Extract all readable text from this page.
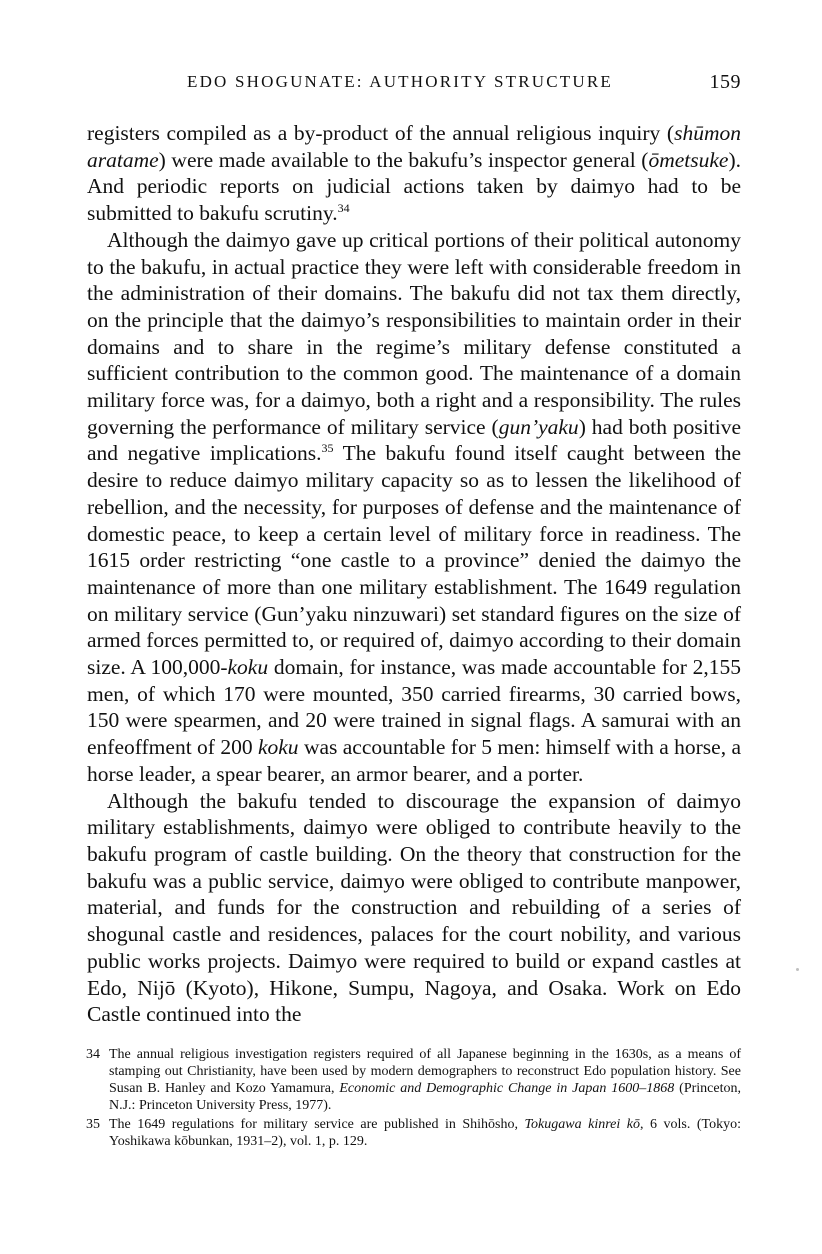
EDO SHOGUNATE: AUTHORITY STRUCTURE	159

registers compiled as a by-product of the annual religious inquiry (shūmon aratame) were made available to the bakufu’s inspector general (ōmetsuke). And periodic reports on judicial actions taken by daimyo had to be submitted to bakufu scrutiny.$^{34}$

Although the daimyo gave up critical portions of their political autonomy to the bakufu, in actual practice they were left with considerable freedom in the administration of their domains. The bakufu did not tax them directly, on the principle that the daimyo’s responsibilities to maintain order in their domains and to share in the regime’s military defense constituted a sufficient contribution to the common good. The maintenance of a domain military force was, for a daimyo, both a right and a responsibility. The rules governing the performance of military service (gun’yaku) had both positive and negative implications.$^{35}$ The bakufu found itself caught between the desire to reduce daimyo military capacity so as to lessen the likelihood of rebellion, and the necessity, for purposes of defense and the maintenance of domestic peace, to keep a certain level of military force in readiness. The 1615 order restricting “one castle to a province” denied the daimyo the maintenance of more than one military establishment. The 1649 regulation on military service (Gun’yaku ninzuwari) set standard figures on the size of armed forces permitted to, or required of, daimyo according to their domain size. A 100,000-koku domain, for instance, was made accountable for 2,155 men, of which 170 were mounted, 350 carried firearms, 30 carried bows, 150 were spearmen, and 20 were trained in signal flags. A samurai with an enfeoffment of 200 koku was accountable for 5 men: himself with a horse, a horse leader, a spear bearer, an armor bearer, and a porter.

Although the bakufu tended to discourage the expansion of daimyo military establishments, daimyo were obliged to contribute heavily to the bakufu program of castle building. On the theory that construction for the bakufu was a public service, daimyo were obliged to contribute manpower, material, and funds for the construction and rebuilding of a series of shogunal castle and residences, palaces for the court nobility, and various public works projects. Daimyo were required to build or expand castles at Edo, Nijō (Kyoto), Hikone, Sumpu, Nagoya, and Osaka. Work on Edo Castle continued into the

34 The annual religious investigation registers required of all Japanese beginning in the 1630s, as a means of stamping out Christianity, have been used by modern demographers to reconstruct Edo population history. See Susan B. Hanley and Kozo Yamamura, Economic and Demographic Change in Japan 1600–1868 (Princeton, N.J.: Princeton University Press, 1977).
35 The 1649 regulations for military service are published in Shihōsho, Tokugawa kinrei kō, 6 vols. (Tokyo: Yoshikawa kōbunkan, 1931–2), vol. 1, p. 129.
